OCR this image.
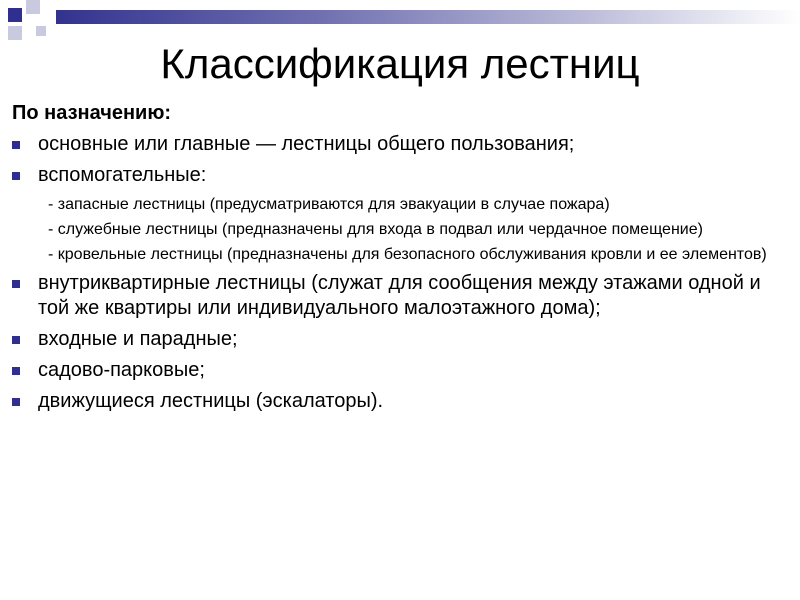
Классификация лестниц
По назначению:
основные или главные — лестницы общего пользования;
вспомогательные:
- запасные лестницы (предусматриваются для эвакуации в случае пожара)
- служебные лестницы (предназначены для входа в подвал или чердачное помещение)
- кровельные лестницы (предназначены для безопасного обслуживания кровли и ее элементов)
внутриквартирные лестницы (служат для сообщения между этажами одной и той же квартиры или индивидуального малоэтажного дома);
входные и парадные;
садово-парковые;
движущиеся лестницы (эскалаторы).
